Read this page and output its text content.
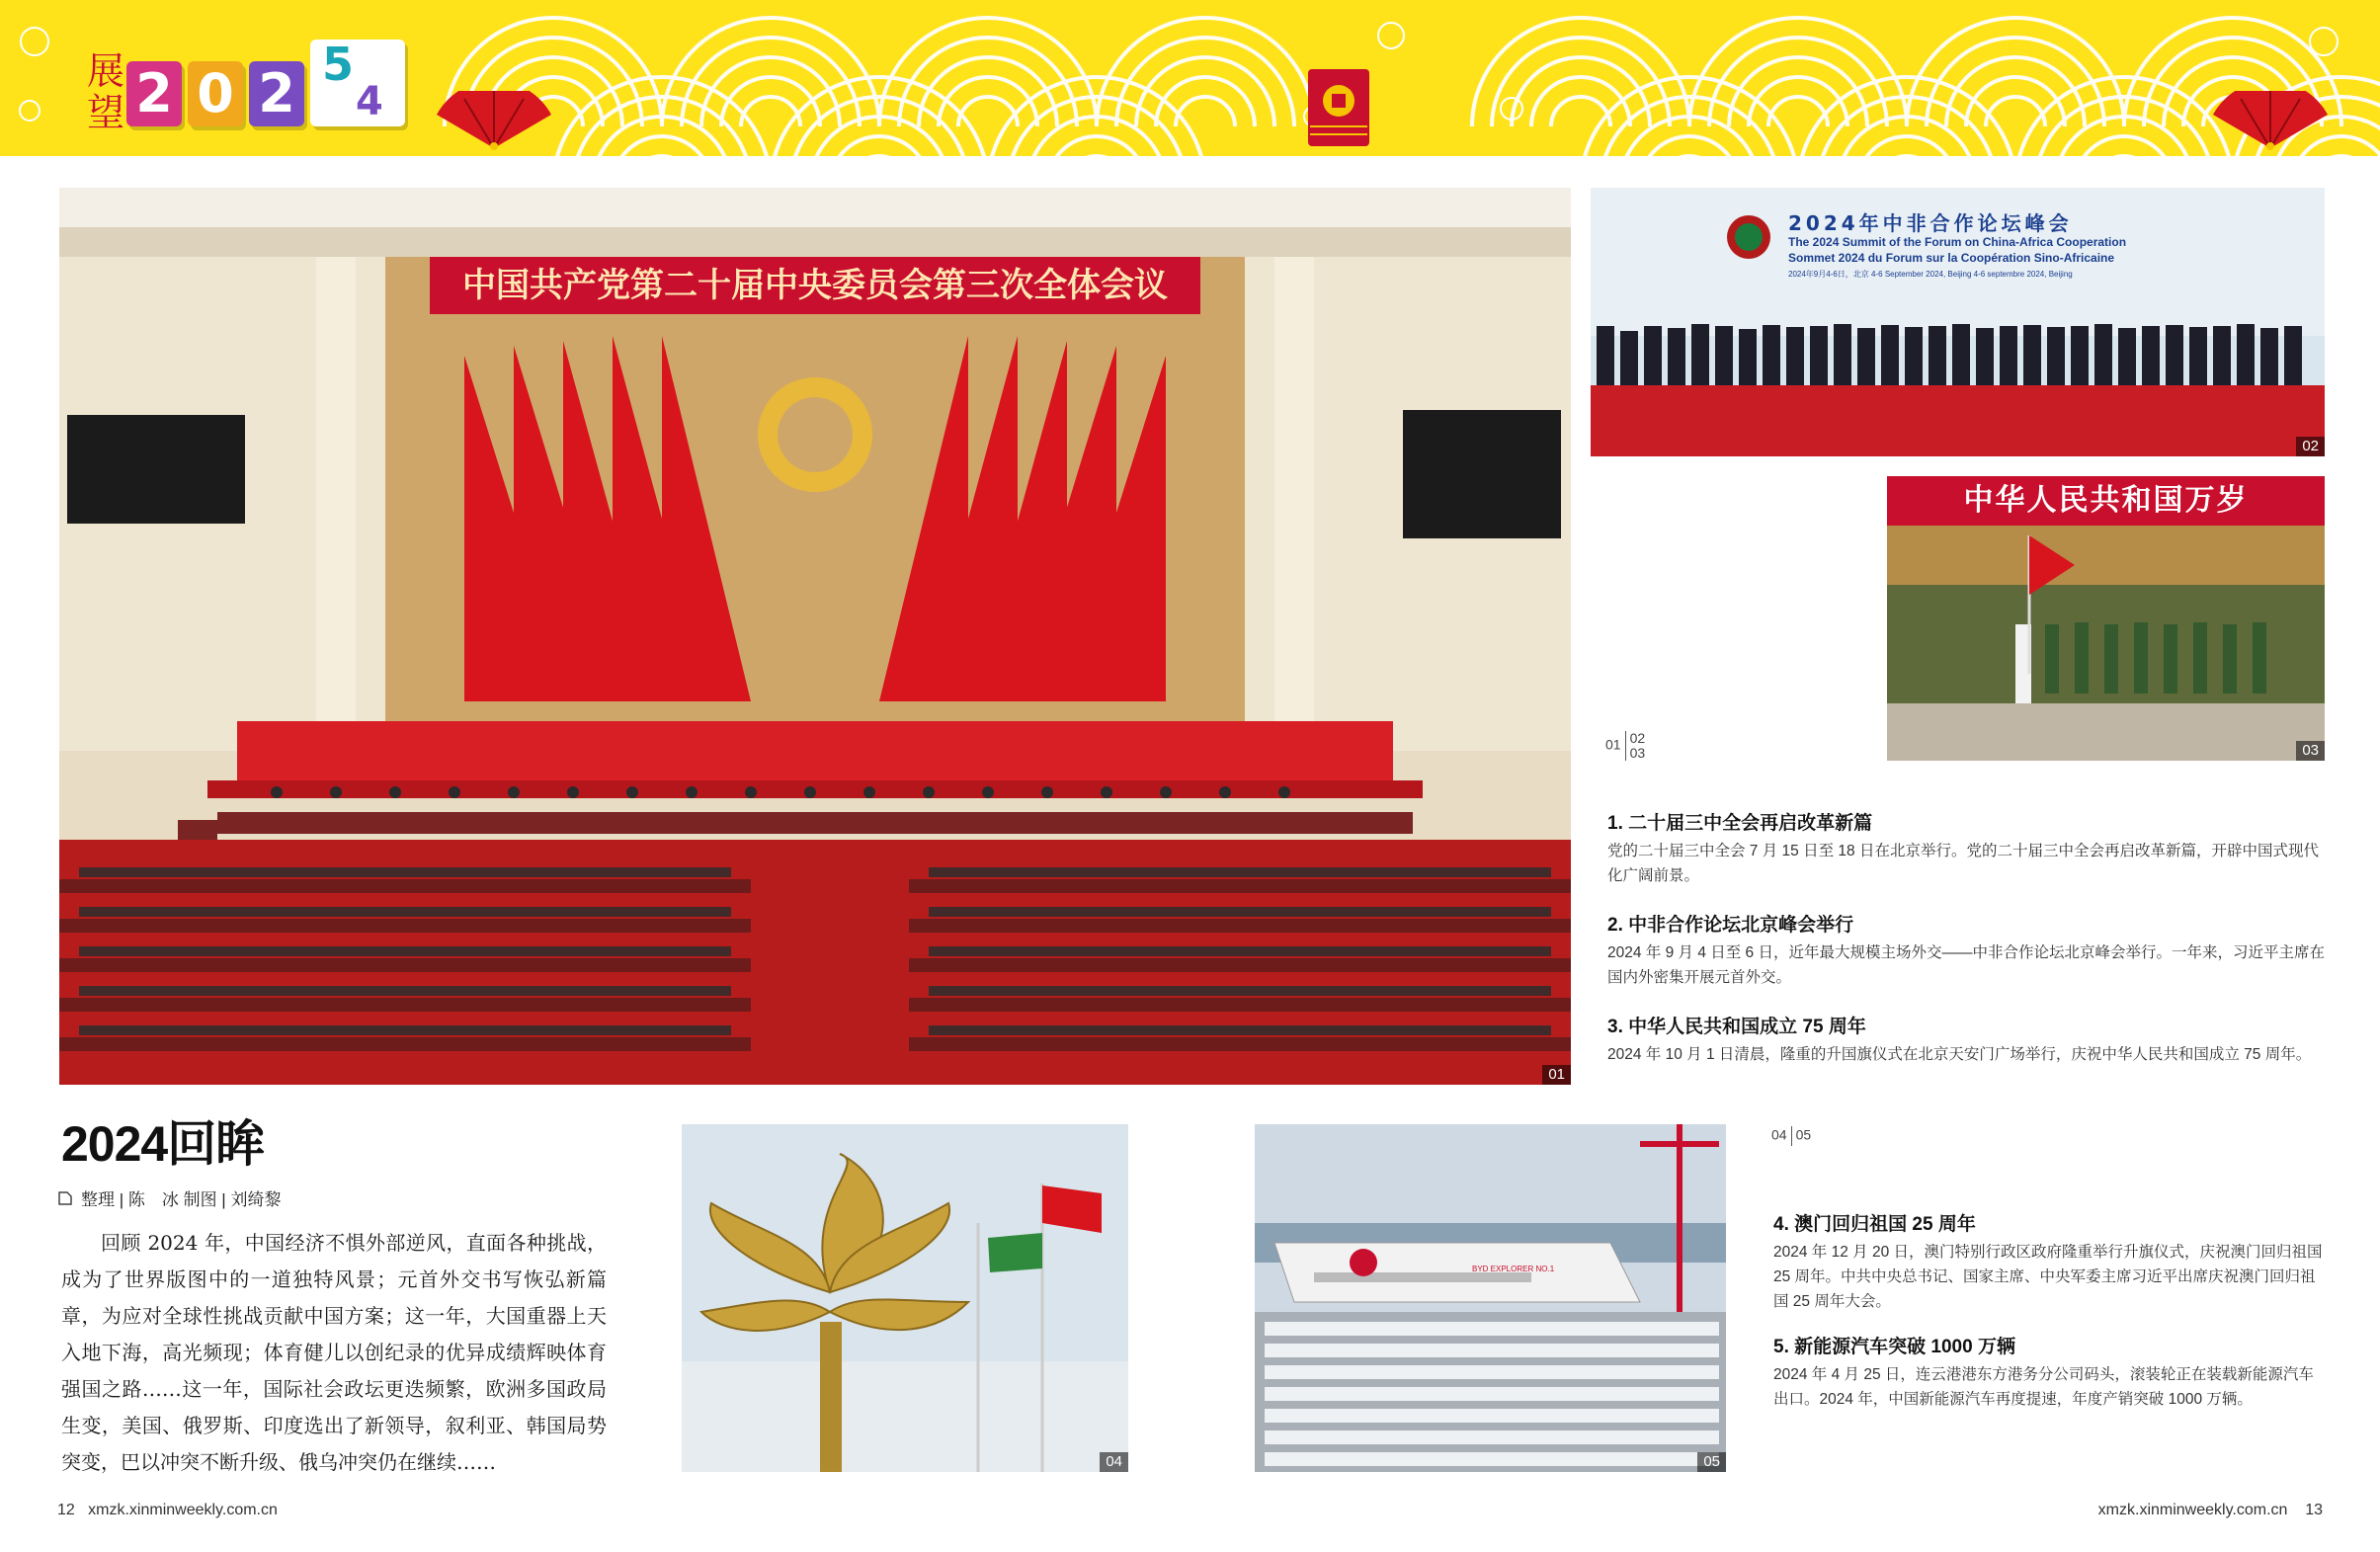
展
望 2 0 2 5
4
中国共产党第二十届中央委员会第三次全体会议
01
2024年中非合作论坛峰会
The 2024 Summit of the Forum on China-Africa Cooperation
Sommet 2024 du Forum sur la Coopération Sino-Africaine
2024年9月4-6日，北京 4-6 September 2024, Beijing 4-6 septembre 2024, Beijing
02
中华人民共和国万岁
03
01 02
03
1. 二十届三中全会再启改革新篇
党的二十届三中全会 7 月 15 日至 18 日在北京举行。党的二十届三中全会再启改革新篇，开辟中国式现代化广阔前景。
2. 中非合作论坛北京峰会举行
2024 年 9 月 4 日至 6 日，近年最大规模主场外交——中非合作论坛北京峰会举行。一年来，习近平主席在国内外密集开展元首外交。
3. 中华人民共和国成立 75 周年
2024 年 10 月 1 日清晨，隆重的升国旗仪式在北京天安门广场举行，庆祝中华人民共和国成立 75 周年。
2024回眸
整理 | 陈　冰 制图 | 刘绮黎
回顾 2024 年，中国经济不惧外部逆风，直面各种挑战，成为了世界版图中的一道独特风景；元首外交书写恢弘新篇章，为应对全球性挑战贡献中国方案；这一年，大国重器上天入地下海，高光频现；体育健儿以创纪录的优异成绩辉映体育强国之路……这一年，国际社会政坛更迭频繁，欧洲多国政局生变，美国、俄罗斯、印度选出了新领导，叙利亚、韩国局势突变，巴以冲突不断升级、俄乌冲突仍在继续……	04
BYD EXPLORER NO.1
05
04 05
4. 澳门回归祖国 25 周年
2024 年 12 月 20 日，澳门特别行政区政府隆重举行升旗仪式，庆祝澳门回归祖国 25 周年。中共中央总书记、国家主席、中央军委主席习近平出席庆祝澳门回归祖国 25 周年大会。
5. 新能源汽车突破 1000 万辆
2024 年 4 月 25 日，连云港港东方港务分公司码头，滚装轮正在装载新能源汽车出口。2024 年，中国新能源汽车再度提速，年度产销突破 1000 万辆。
12 xmzk.xinminweekly.com.cn	xmzk.xinminweekly.com.cn 13
